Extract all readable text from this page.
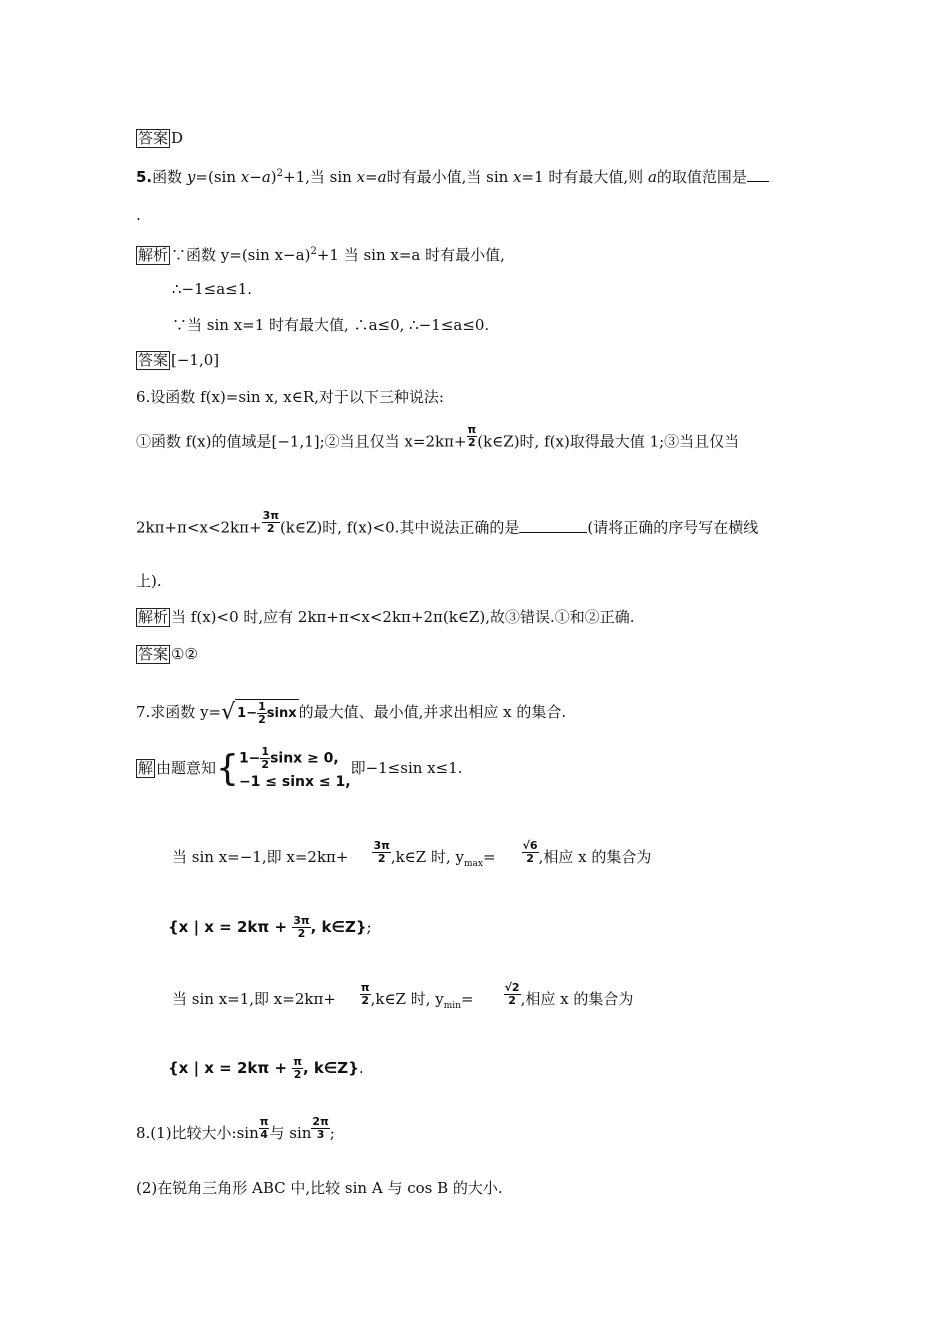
答案 D
5.函数 y=(sin x−a)$^2$+1,当 sin x=a时有最小值,当 sin x=1 时有最大值,则 a的取值范围是
.
解析 ∵函数 y=(sin x−a)$^2$+1 当 sin x=a 时有最小值,
∴−1≤a≤1.
∵当 sin x=1 时有最大值, ∴a≤0, ∴−1≤a≤0.
答案 [−1,0]
6.设函数 f(x)=sin x, x∈R,对于以下三种说法:
①函数 f(x)的值域是[−1,1];②当且仅当 $x=2k\pi+ \frac{\pi}{2}$ (k∈Z)时, f(x)取得最大值 1;③当且仅当
$2k\pi+\pi<x<2k\pi+ \frac{3\pi}{2}$ (k∈Z)时, f(x)<0.其中说法正确的是	(请将正确的序号写在横线
上).
解析 当 f(x)<0 时,应有 2kπ+π<x<2kπ+2π(k∈Z),故③错误.①和②正确.
答案 ①②
7.求函数 y=√ $1- \frac{1}{2}$ sinx 的最大值、最小值,并求出相应 x 的集合.
解 由题意知{ $1- \frac{1}{2}$ sinx ≥ 0,
−1 ≤ sinx ≤ 1,
即−1≤sin x≤1.
当 sin x=−1,即 $x=2k\pi+ \frac{3\pi}{2}$ ,k∈Z 时, $y_{max}= \frac{√6}{2}$ ,相应 x 的集合为
{x | $x = 2k\pi + \frac{3\pi}{2}$ , k∈Z};
当 sin x=1,即 $x=2k\pi+ \frac{\pi}{2}$ ,k∈Z 时, $y_{min}=$	$\frac{√2}{2}$ ,相应 x 的集合为
{x | $x = 2k\pi + \frac{\pi}{2}$ , k∈Z}.
8.(1)比较大小:sin $\frac{\pi}{4}$ 与 $\sin \frac{2\pi}{3}$ ;
(2)在锐角三角形 ABC 中,比较 sin A 与 cos B 的大小.
